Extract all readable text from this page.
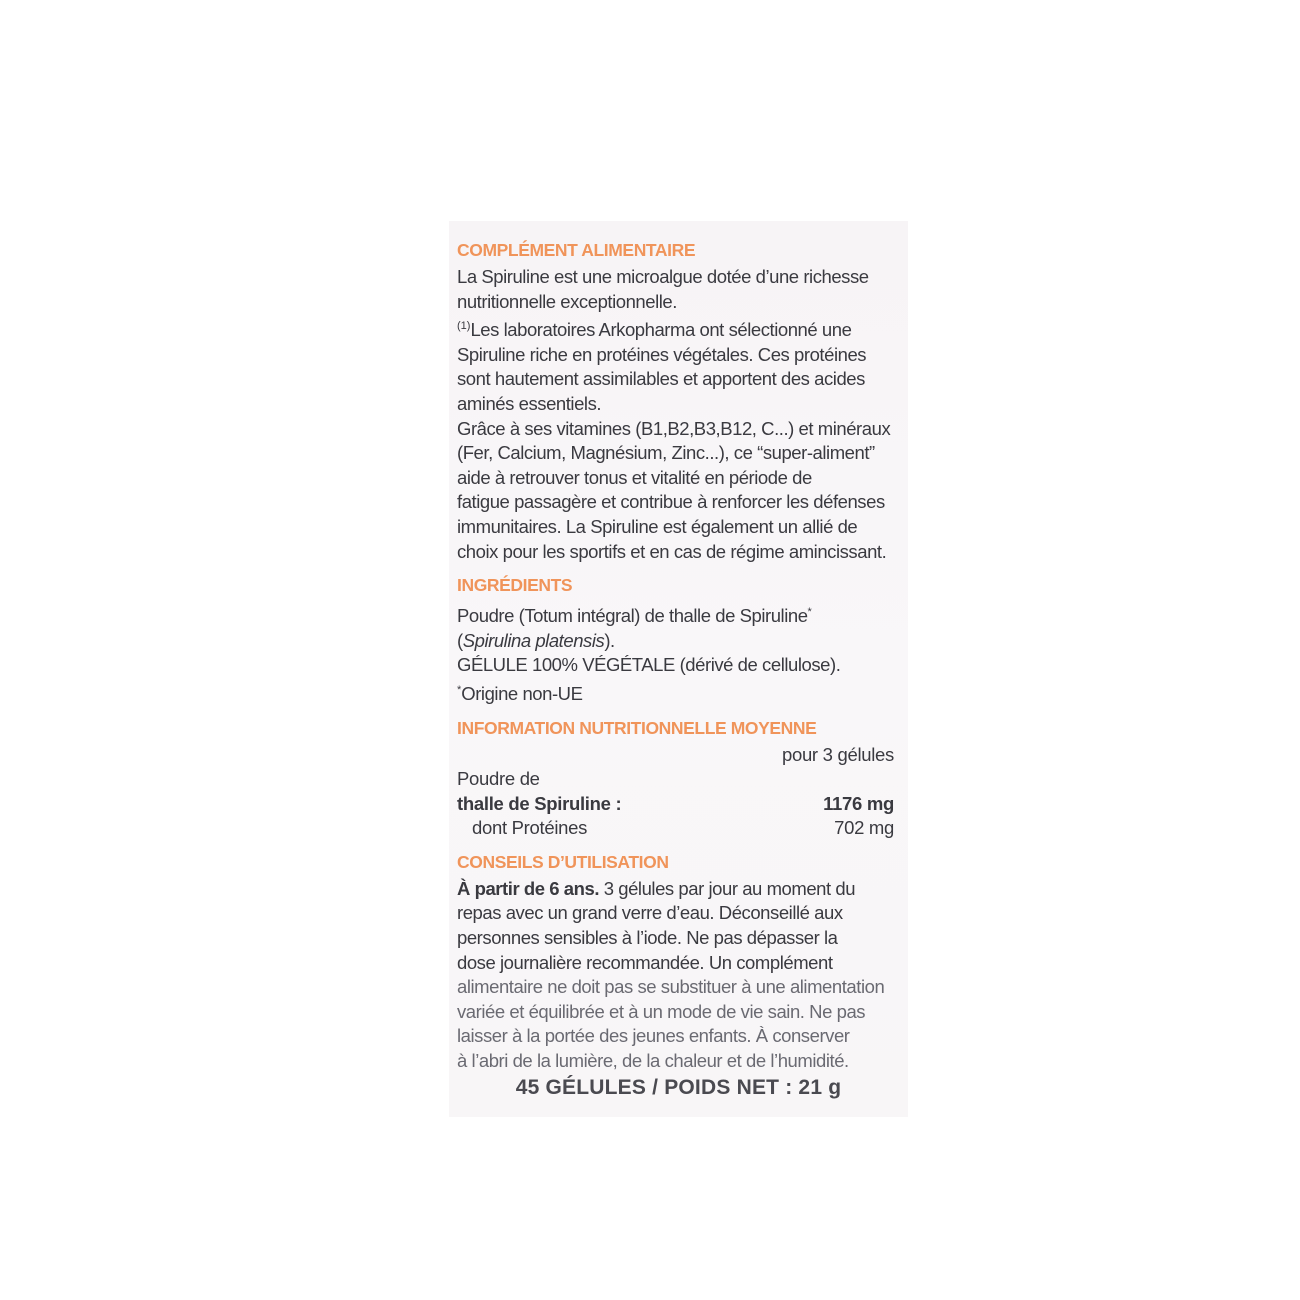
COMPLÉMENT ALIMENTAIRE

La Spiruline est une microalgue dotée d’une richesse

nutritionnelle exceptionnelle.

$^{(1)}$Les laboratoires Arkopharma ont sélectionné une

Spiruline riche en protéines végétales. Ces protéines

sont hautement assimilables et apportent des acides

aminés essentiels.

Grâce à ses vitamines (B1,B2,B3,B12, C...) et minéraux

(Fer, Calcium, Magnésium, Zinc...), ce “super-aliment”

aide à retrouver tonus et vitalité en période de

fatigue passagère et contribue à renforcer les défenses

immunitaires. La Spiruline est également un allié de

choix pour les sportifs et en cas de régime amincissant.

INGRÉDIENTS

Poudre (Totum intégral) de thalle de Spiruline*

(Spirulina platensis).

GÉLULE 100% VÉGÉTALE (dérivé de cellulose).

*Origine non-UE

INFORMATION NUTRITIONNELLE MOYENNE

pour 3 gélules

Poudre de
thalle de Spiruline :	1176 mg
dont Protéines	702 mg
CONSEILS D’UTILISATION

À partir de 6 ans. 3 gélules par jour au moment du

repas avec un grand verre d’eau. Déconseillé aux

personnes sensibles à l’iode. Ne pas dépasser la

dose journalière recommandée. Un complément

alimentaire ne doit pas se substituer à une alimentation

variée et équilibrée et à un mode de vie sain. Ne pas

laisser à la portée des jeunes enfants. À conserver

à l’abri de la lumière, de la chaleur et de l’humidité.

45 GÉLULES / POIDS NET : 21 g
